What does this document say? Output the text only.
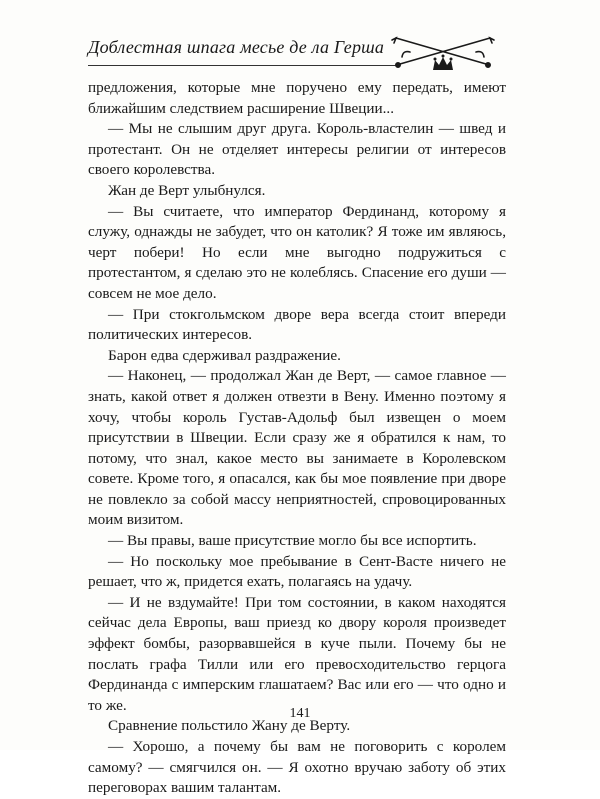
Доблестная шпага месье де ла Герша

предложения, которые мне поручено ему передать, имеют ближайшим следствием расширение Швеции...

— Мы не слышим друг друга. Король-властелин — швед и протестант. Он не отделяет интересы религии от интересов своего королевства.

Жан де Верт улыбнулся.

— Вы считаете, что император Фердинанд, которому я служу, однажды не забудет, что он католик? Я тоже им являюсь, черт побери! Но если мне выгодно подружиться с протестантом, я сделаю это не колеблясь. Спасение его души — совсем не мое дело.

— При стокгольмском дворе вера всегда стоит впереди политических интересов.

Барон едва сдерживал раздражение.

— Наконец, — продолжал Жан де Верт, — самое главное — знать, какой ответ я должен отвезти в Вену. Именно поэтому я хочу, чтобы король Густав-Адольф был извещен о моем присутствии в Швеции. Если сразу же я обратился к нам, то потому, что знал, какое место вы занимаете в Королевском совете. Кроме того, я опасался, как бы мое появление при дворе не повлекло за собой массу неприятностей, спровоцированных моим визитом.

— Вы правы, ваше присутствие могло бы все испортить.

— Но поскольку мое пребывание в Сент-Васте ничего не решает, что ж, придется ехать, полагаясь на удачу.

— И не вздумайте! При том состоянии, в каком находятся сейчас дела Европы, ваш приезд ко двору короля произведет эффект бомбы, разорвавшейся в куче пыли. Почему бы не послать графа Тилли или его превосходительство герцога Фердинанда с имперским глашатаем? Вас или его — что одно и то же.

Сравнение польстило Жану де Верту.

— Хорошо, а почему бы вам не поговорить с королем самому? — смягчился он. — Я охотно вручаю заботу об этих переговорах вашим талантам.

141
